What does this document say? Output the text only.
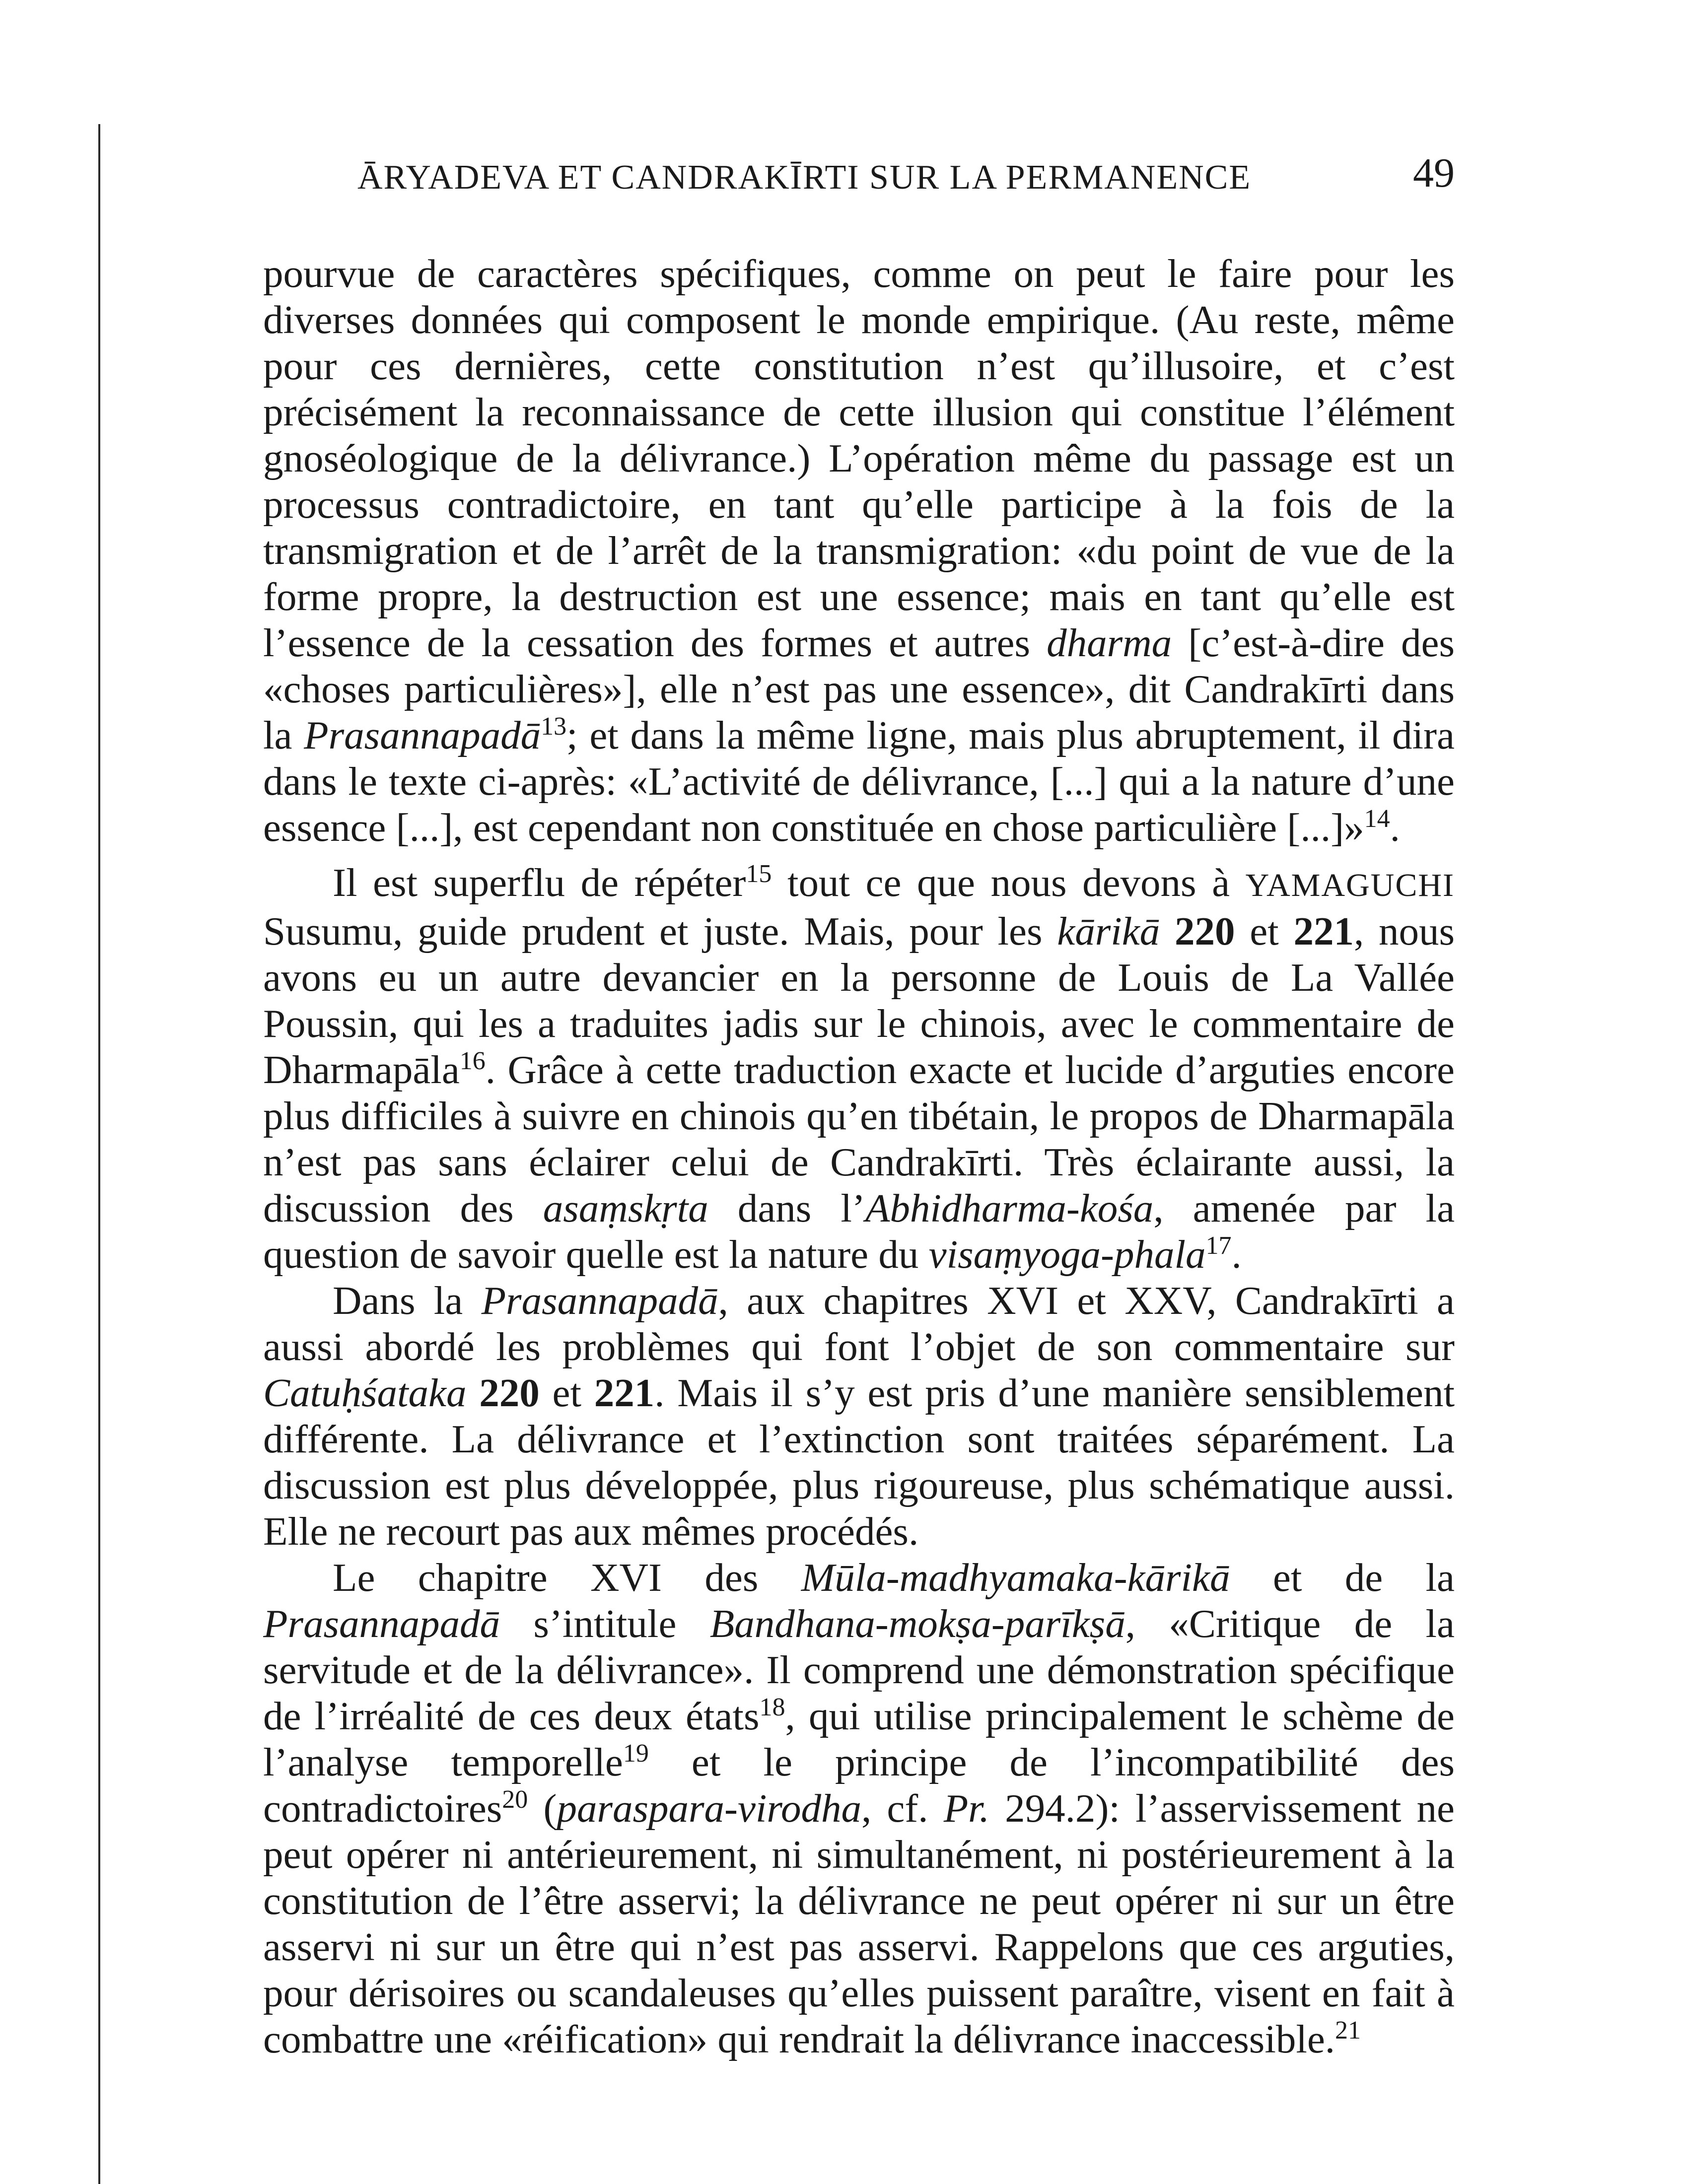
ĀRYADEVA ET CANDRAKĪRTI SUR LA PERMANENCE	49

pourvue de caractères spécifiques, comme on peut le faire pour les diverses données qui composent le monde empirique. (Au reste, même pour ces dernières, cette constitution n’est qu’illusoire, et c’est précisément la reconnaissance de cette illusion qui constitue l’élément gnoséologique de la délivrance.) L’opération même du passage est un processus contradictoire, en tant qu’elle participe à la fois de la transmigration et de l’arrêt de la transmigration: «du point de vue de la forme propre, la destruction est une essence; mais en tant qu’elle est l’essence de la cessation des formes et autres dharma [c’est-à-dire des «choses particulières»], elle n’est pas une essence», dit Candrakīrti dans la Prasannapadā$^{13}$; et dans la même ligne, mais plus abruptement, il dira dans le texte ci-après: «L’activité de délivrance, [...] qui a la nature d’une essence [...], est cependant non constituée en chose particulière [...]»$^{14}$.

Il est superflu de répéter$^{15}$ tout ce que nous devons à YAMAGUCHI Susumu, guide prudent et juste. Mais, pour les kārikā 220 et 221, nous avons eu un autre devancier en la personne de Louis de La Vallée Poussin, qui les a traduites jadis sur le chinois, avec le commentaire de Dharmapāla$^{16}$. Grâce à cette traduction exacte et lucide d’arguties encore plus difficiles à suivre en chinois qu’en tibétain, le propos de Dharmapāla n’est pas sans éclairer celui de Candrakīrti. Très éclairante aussi, la discussion des asaṃskṛta dans l’Abhidharma-kośa, amenée par la question de savoir quelle est la nature du visaṃyoga-phala$^{17}$.

Dans la Prasannapadā, aux chapitres XVI et XXV, Candrakīrti a aussi abordé les problèmes qui font l’objet de son commentaire sur Catuḥśataka 220 et 221. Mais il s’y est pris d’une manière sensiblement différente. La délivrance et l’extinction sont traitées séparément. La discussion est plus développée, plus rigoureuse, plus schématique aussi. Elle ne recourt pas aux mêmes procédés.

Le chapitre XVI des Mūla-madhyamaka-kārikā et de la Prasannapadā s’intitule Bandhana-mokṣa-parīkṣā, «Critique de la servitude et de la délivrance». Il comprend une démonstration spécifique de l’irréalité de ces deux états$^{18}$, qui utilise principalement le schème de l’analyse temporelle$^{19}$ et le principe de l’incompatibilité des contradictoires$^{20}$ (paraspara-virodha, cf. Pr. 294.2): l’asservissement ne peut opérer ni antérieurement, ni simultanément, ni postérieurement à la constitution de l’être asservi; la délivrance ne peut opérer ni sur un être asservi ni sur un être qui n’est pas asservi. Rappelons que ces arguties, pour dérisoires ou scandaleuses qu’elles puissent paraître, visent en fait à combattre une «réification» qui rendrait la délivrance inaccessible.$^{21}$
